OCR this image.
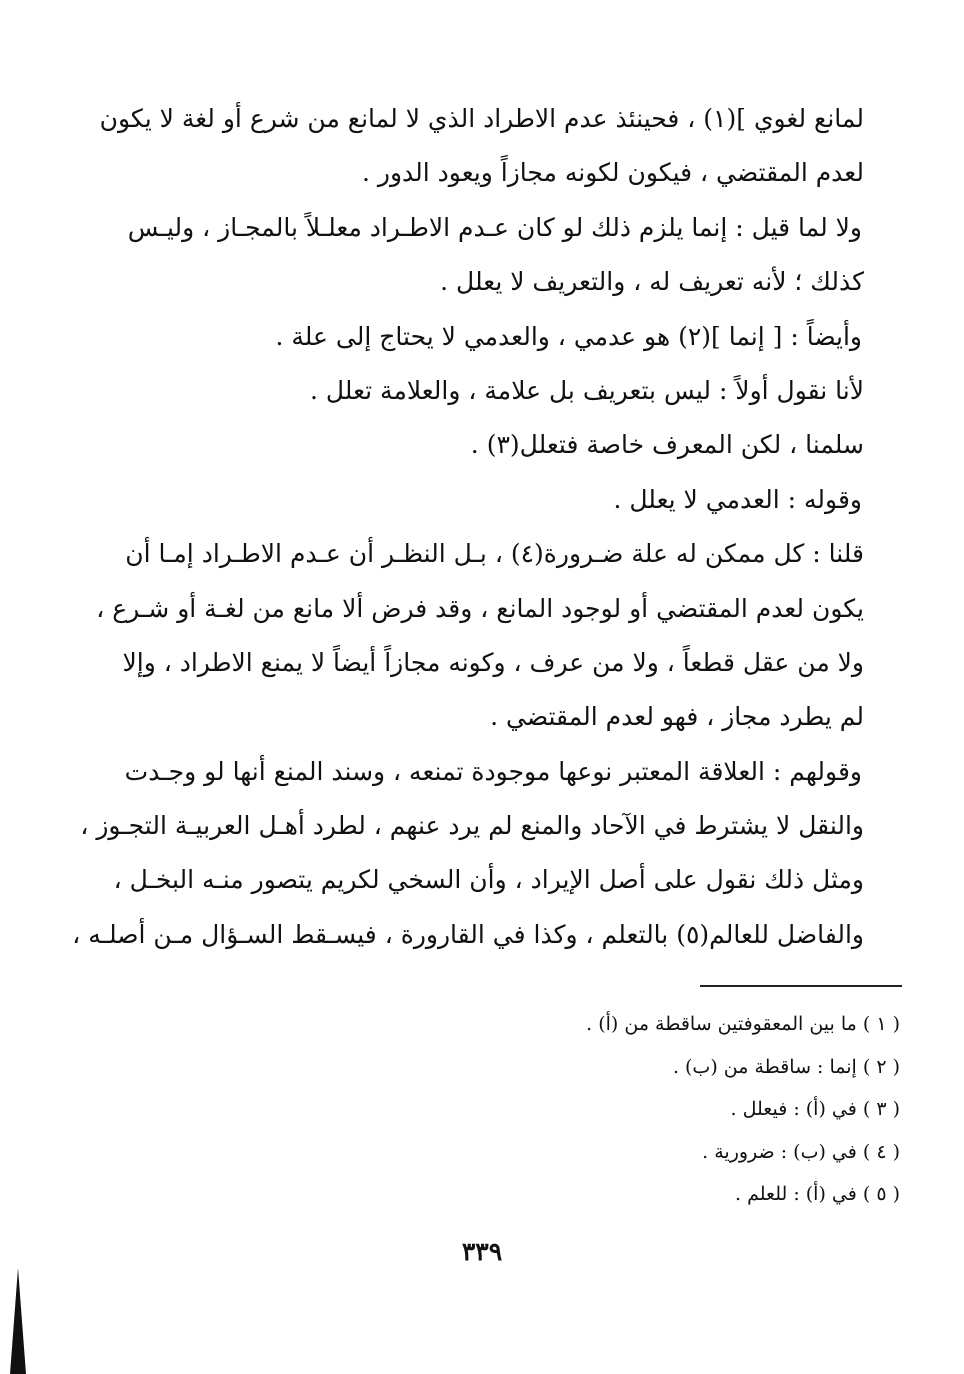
لمانع لغوي ](١) ، فحينئذ عدم الاطراد الذي لا لمانع من شرع أو لغة لا يكون
لعدم المقتضي ، فيكون لكونه مجازاً ويعود الدور .
ولا لما قيل : إنما يلزم ذلك لو كان عـدم الاطـراد معلـلاً بالمجـاز ، وليـس
كذلك ؛ لأنه تعريف له ، والتعريف لا يعلل .
وأيضاً : [ إنما ](٢) هو عدمي ، والعدمي لا يحتاج إلى علة .
لأنا نقول أولاً : ليس بتعريف بل علامة ، والعلامة تعلل .
سلمنا ، لكن المعرف خاصة فتعلل(٣) .
وقوله : العدمي لا يعلل .
قلنا : كل ممكن له علة ضـرورة(٤) ، بـل النظـر أن عـدم الاطـراد إمـا أن
يكون لعدم المقتضي أو لوجود المانع ، وقد فرض ألا مانع من لغـة أو شـرع ،
ولا من عقل قطعاً ، ولا من عرف ، وكونه مجازاً أيضاً لا يمنع الاطراد ، وإلا
لم يطرد مجاز ، فهو لعدم المقتضي .
وقولهم : العلاقة المعتبر نوعها موجودة تمنعه ، وسند المنع أنها لو وجـدت
والنقل لا يشترط في الآحاد والمنع لم يرد عنهم ، لطرد أهـل العربيـة التجـوز ،
ومثل ذلك نقول على أصل الإيراد ، وأن السخي لكريم يتصور منـه البخـل ،
والفاضل للعالم(٥) بالتعلم ، وكذا في القارورة ، فيسـقط السـؤال مـن أصلـه ،
( ١ ) ما بين المعقوفتين ساقطة من (أ) .
( ٢ ) إنما : ساقطة من (ب) .
( ٣ ) في (أ) : فيعلل .
( ٤ ) في (ب) : ضرورية .
( ٥ ) في (أ) : للعلم .
٣٣٩
